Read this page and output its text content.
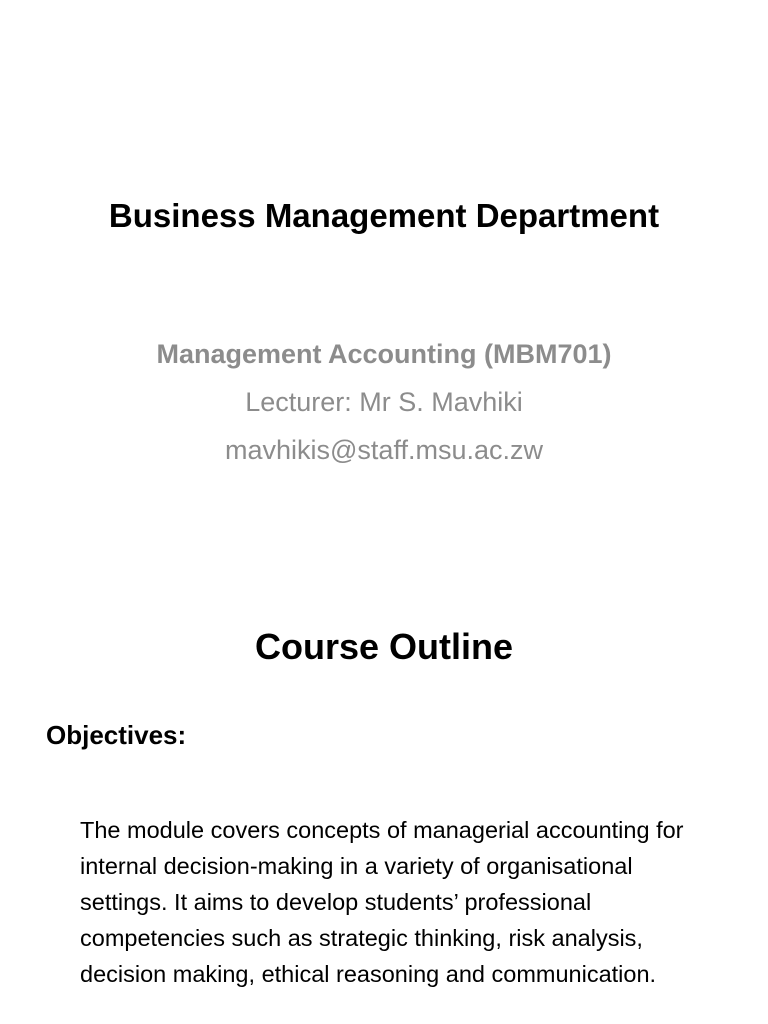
Business Management Department
Management Accounting (MBM701)
Lecturer: Mr S. Mavhiki
mavhikis@staff.msu.ac.zw
Course Outline
Objectives:

The module covers concepts of managerial accounting for internal decision-making in a variety of organisational settings. It aims to develop students’ professional competencies such as strategic thinking, risk analysis, decision making, ethical reasoning and communication.
